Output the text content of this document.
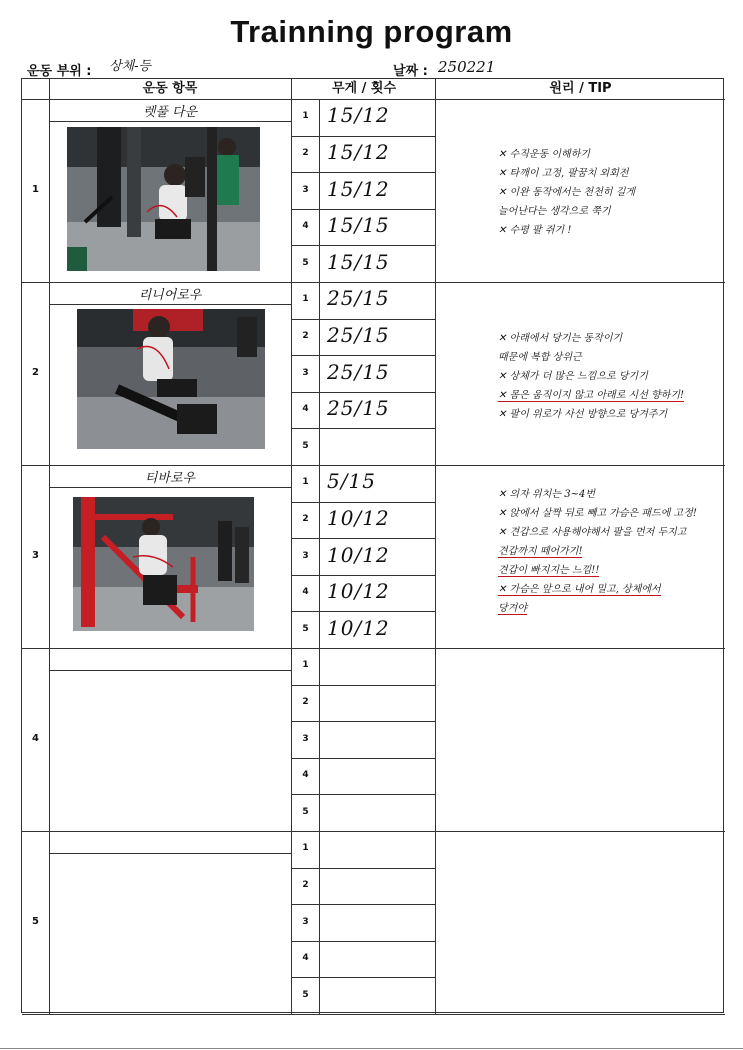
Trainning program
운동 부위 : 상체-등	날짜 : 250221
운동 항목	무게 / 횟수	원리 / TIP
1
렛풀 다운	1 15/12
2 15/12
3 15/12
4 15/15
5 15/15
✕ 수직운동 이해하기
✕ 타깨이 고정, 팔꿈치 외회전
✕ 이완 동작에서는 천천히 길게
늘어난다는 생각으로 쭉기
✕ 수평 팔 쥐기 !
2
리니어로우	1 25/15
2 25/15
3 25/15
4 25/15
5
✕ 아래에서 당기는 동작이기
때문에 복합 상위근
✕ 상체가 더 많은 느낌으로 당기기
✕ 몸은 움직이지 않고 아래로 시선 향하기!
✕ 팔이 위로가 사선 방향으로 당겨주기
3
티바로우	1 5/15
2 10/12
3 10/12
4 10/12
5 10/12
✕ 의자 위치는 3~4번
✕ 앉에서 살짝 뒤로 빼고 가슴은 패드에 고정!
✕ 견갑으로 사용해야해서 팔을 먼저 두지고
견갑까지 떼어가기!
견갑이 빠지지는 느낌!!
✕ 가슴은 앞으로 내어 밀고, 상체에서
당겨야
4
1
2
3
4
5
5
1
2
3
4
5
